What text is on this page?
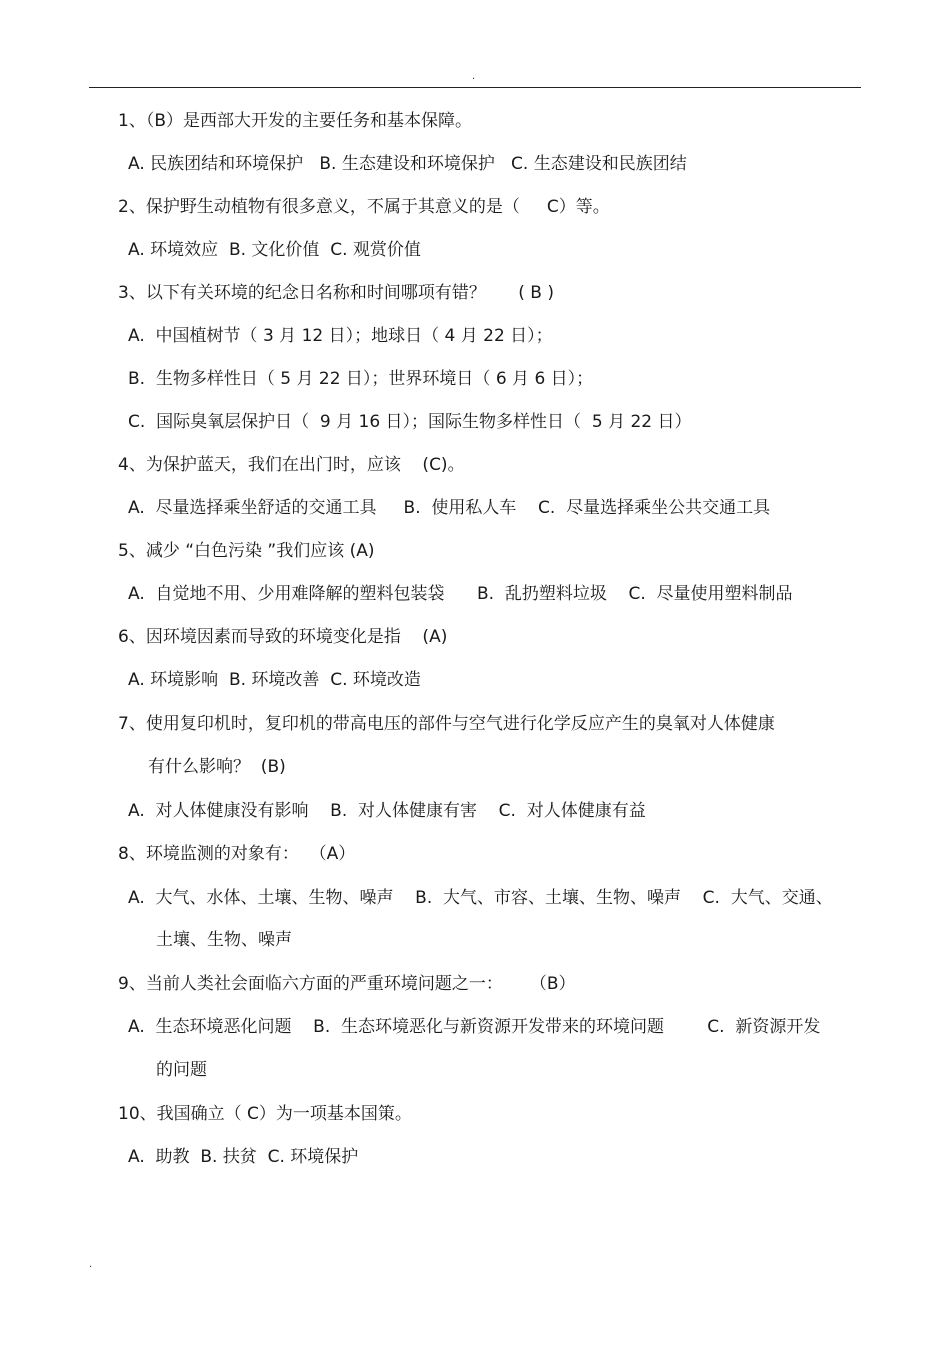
.
1、（B）是西部大开发的主要任务和基本保障。
A. 民族团结和环境保护   B. 生态建设和环境保护   C. 生态建设和民族团结
2、保护野生动植物有很多意义，不属于其意义的是（     C）等。
A. 环境效应  B. 文化价值  C. 观赏价值
3、以下有关环境的纪念日名称和时间哪项有错？      ( B )
A.  中国植树节（ 3 月 12 日）；地球日（ 4 月 22 日）；
B.  生物多样性日（ 5 月 22 日）；世界环境日（ 6 月 6 日）；
C.  国际臭氧层保护日（  9 月 16 日）；国际生物多样性日（  5 月 22 日）
4、为保护蓝天，我们在出门时，应该    (C)。
A.  尽量选择乘坐舒适的交通工具     B.  使用私人车    C.  尽量选择乘坐公共交通工具
5、减少 “白色污染 ”我们应该 (A)
A.  自觉地不用、少用难降解的塑料包装袋      B.  乱扔塑料垃圾    C.  尽量使用塑料制品
6、因环境因素而导致的环境变化是指    (A)
A. 环境影响  B. 环境改善  C. 环境改造
7、使用复印机时，复印机的带高电压的部件与空气进行化学反应产生的臭氧对人体健康
有什么影响？  (B)
A.  对人体健康没有影响    B.  对人体健康有害    C.  对人体健康有益
8、环境监测的对象有：  （A）
A.  大气、水体、土壤、生物、噪声    B.  大气、市容、土壤、生物、噪声    C.  大气、交通、
土壤、生物、噪声
9、当前人类社会面临六方面的严重环境问题之一：     （B）
A.  生态环境恶化问题    B.  生态环境恶化与新资源开发带来的环境问题        C.  新资源开发
的问题
10、我国确立（ C）为一项基本国策。
A.  助教  B. 扶贫  C. 环境保护
.
